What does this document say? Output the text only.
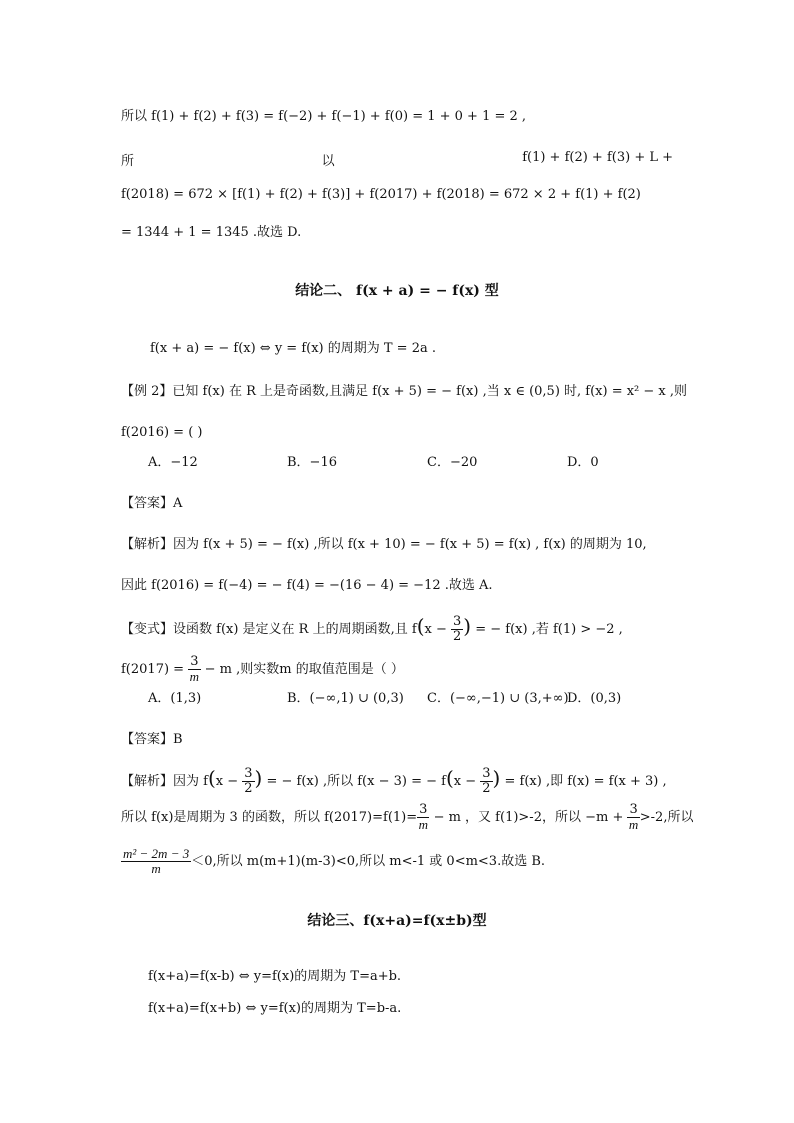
所以 f(1) + f(2) + f(3) = f(−2) + f(−1) + f(0) = 1 + 0 + 1 = 2 ,
所	以	f(1) + f(2) + f(3) + L +
f(2018) = 672 × [f(1) + f(2) + f(3)] + f(2017) + f(2018) = 672 × 2 + f(1) + f(2)
= 1344 + 1 = 1345 .故选 D.
结论二、 f(x + a) = − f(x) 型
f(x + a) = − f(x) ⇔ y = f(x) 的周期为 T = 2a .
【例 2】已知 f(x) 在 R 上是奇函数,且满足 f(x + 5) = − f(x) ,当 x ∈ (0,5) 时, f(x) = x² − x ,则
f(2016) = ( )
A．−12	B．−16	C．−20	D．0
【答案】A
【解析】因为 f(x + 5) = − f(x) ,所以 f(x + 10) = − f(x + 5) = f(x) , f(x) 的周期为 10,
因此 f(2016) = f(−4) = − f(4) = −(16 − 4) = −12 .故选 A.
【变式】设函数 f(x) 是定义在 R 上的周期函数,且 $f(x - \frac{3}{2}$ ) = − f(x) ,若 f(1) > −2 ,
$f(2017) = \frac{3}{m} - m$ ,则实数m 的取值范围是（ ）
A．(1,3)	B．(−∞,1) ∪ (0,3) C．(−∞,−1) ∪ (3,+∞)
D．(0,3)
【答案】B
【解析】因为 $f(x - \frac{3}{2}$ ) = − f(x) ,所以 f(x − 3) = − $f(x - \frac{3}{2}$ ) = f(x) ,即 f(x) = f(x + 3) ,
所以 f(x)是周期为 3 的函数，所以 $f(2017)=f(1)= \frac{3}{m} - m$ ，又 f(1)>-2，所以 $-m + \frac{3}{m} >-2$,所以
$\frac{\text{m² − 2m − 3}}{m} <0$,所以 m(m+1)(m-3)<0,所以 m<-1 或 0<m<3.故选 B.
结论三、f(x+a)=f(x±b)型
f(x+a)=f(x-b) ⇔ y=f(x)的周期为 T=a+b.
f(x+a)=f(x+b) ⇔ y=f(x)的周期为 T=b-a.
